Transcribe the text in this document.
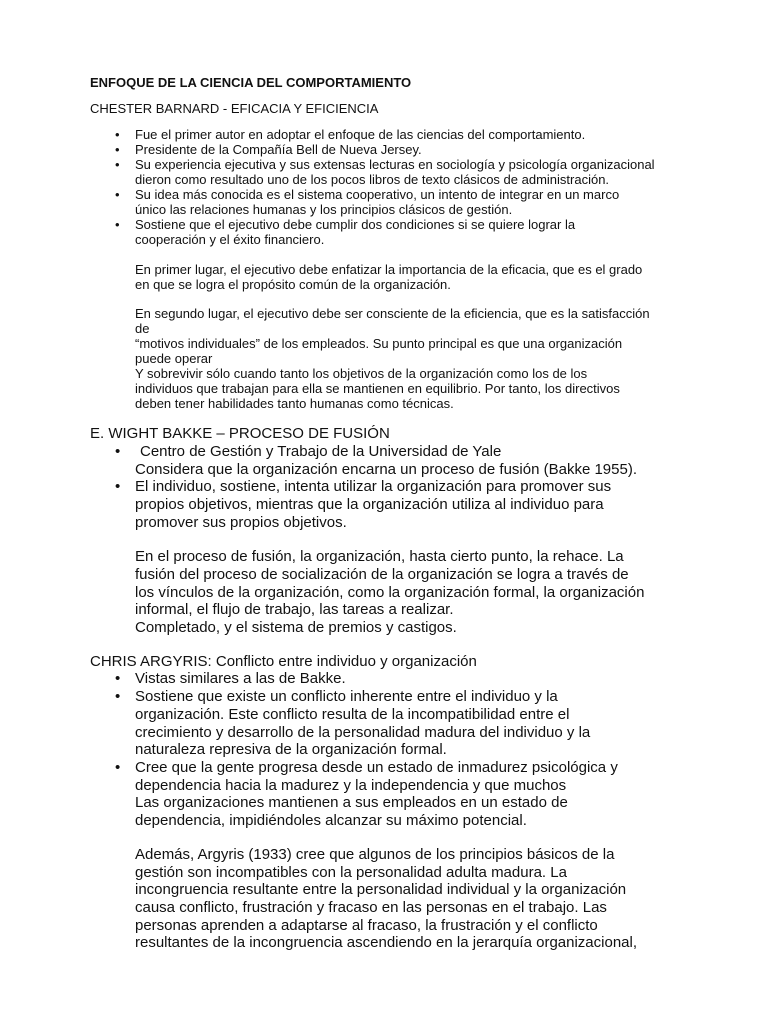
ENFOQUE DE LA CIENCIA DEL COMPORTAMIENTO
CHESTER BARNARD - EFICACIA Y EFICIENCIA
• Fue el primer autor en adoptar el enfoque de las ciencias del comportamiento.
• Presidente de la Compañía Bell de Nueva Jersey.
• Su experiencia ejecutiva y sus extensas lecturas en sociología y psicología organizacional
dieron como resultado uno de los pocos libros de texto clásicos de administración.
• Su idea más conocida es el sistema cooperativo, un intento de integrar en un marco
único las relaciones humanas y los principios clásicos de gestión.
• Sostiene que el ejecutivo debe cumplir dos condiciones si se quiere lograr la
cooperación y el éxito financiero.
En primer lugar, el ejecutivo debe enfatizar la importancia de la eficacia, que es el grado
en que se logra el propósito común de la organización.
En segundo lugar, el ejecutivo debe ser consciente de la eficiencia, que es la satisfacción
de
“motivos individuales” de los empleados. Su punto principal es que una organización
puede operar
Y sobrevivir sólo cuando tanto los objetivos de la organización como los de los
individuos que trabajan para ella se mantienen en equilibrio. Por tanto, los directivos
deben tener habilidades tanto humanas como técnicas.
E. WIGHT BAKKE – PROCESO DE FUSIÓN
• Centro de Gestión y Trabajo de la Universidad de Yale
Considera que la organización encarna un proceso de fusión (Bakke 1955).
• El individuo, sostiene, intenta utilizar la organización para promover sus
propios objetivos, mientras que la organización utiliza al individuo para
promover sus propios objetivos.
En el proceso de fusión, la organización, hasta cierto punto, la rehace. La
fusión del proceso de socialización de la organización se logra a través de
los vínculos de la organización, como la organización formal, la organización
informal, el flujo de trabajo, las tareas a realizar.
Completado, y el sistema de premios y castigos.
CHRIS ARGYRIS: Conflicto entre individuo y organización
• Vistas similares a las de Bakke.
• Sostiene que existe un conflicto inherente entre el individuo y la
organización. Este conflicto resulta de la incompatibilidad entre el
crecimiento y desarrollo de la personalidad madura del individuo y la
naturaleza represiva de la organización formal.
• Cree que la gente progresa desde un estado de inmadurez psicológica y
dependencia hacia la madurez y la independencia y que muchos
Las organizaciones mantienen a sus empleados en un estado de
dependencia, impidiéndoles alcanzar su máximo potencial.
Además, Argyris (1933) cree que algunos de los principios básicos de la
gestión son incompatibles con la personalidad adulta madura. La
incongruencia resultante entre la personalidad individual y la organización
causa conflicto, frustración y fracaso en las personas en el trabajo. Las
personas aprenden a adaptarse al fracaso, la frustración y el conflicto
resultantes de la incongruencia ascendiendo en la jerarquía organizacional,
